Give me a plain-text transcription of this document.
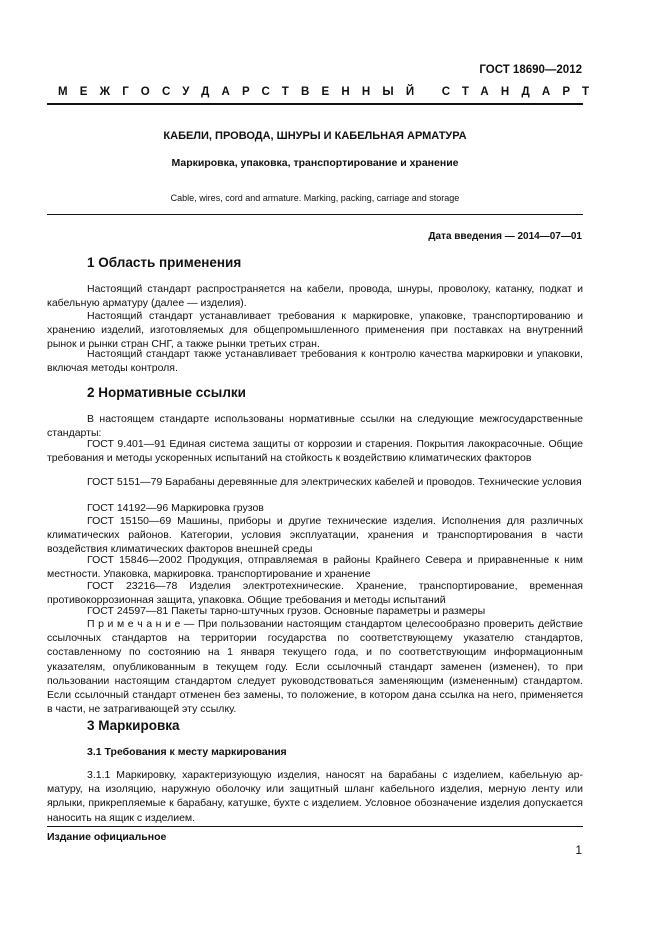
ГОСТ 18690—2012
МЕЖГОСУДАРСТВЕННЫЙ СТАНДАРТ
КАБЕЛИ, ПРОВОДА, ШНУРЫ И КАБЕЛЬНАЯ АРМАТУРА
Маркировка, упаковка, транспортирование и хранение
Cable, wires, cord and armature. Marking, packing, carriage and storage
Дата введения — 2014—07—01
1 Область применения

Настоящий стандарт распространяется на кабели, провода, шнуры, проволоку, катанку, подкат и кабельную арматуру (далее — изделия).

Настоящий стандарт устанавливает требования к маркировке, упаковке, транспортированию и хранению изделий, изготовляемых для общепромышленного применения при поставках на внутренний рынок и рынки стран СНГ, а также рынки третьих стран.

Настоящий стандарт также устанавливает требования к контролю качества маркировки и упаковки, включая методы контроля.

2 Нормативные ссылки

В настоящем стандарте использованы нормативные ссылки на следующие межгосударственные стандарты:

ГОСТ 9.401—91 Единая система защиты от коррозии и старения. Покрытия лакокрасочные. Общие требования и методы ускоренных испытаний на стойкость к воздействию климатических факторов

ГОСТ 5151—79 Барабаны деревянные для электрических кабелей и проводов. Технические условия

ГОСТ 14192—96 Маркировка грузов

ГОСТ 15150—69 Машины, приборы и другие технические изделия. Исполнения для различных климатических районов. Категории, условия эксплуатации, хранения и транспортирования в части воздействия климатических факторов внешней среды

ГОСТ 15846—2002 Продукция, отправляемая в районы Крайнего Севера и приравненные к ним местности. Упаковка, маркировка. транспортирование и хранение

ГОСТ 23216—78 Изделия электротехнические. Хранение, транспортирование, временная противокоррозионная защита, упаковка. Общие требования и методы испытаний

ГОСТ 24597—81 Пакеты тарно-штучных грузов. Основные параметры и размеры

П р и м е ч а н и е — При пользовании настоящим стандартом целесообразно проверить действие ссылочных стандартов на территории государства по соответствующему указателю стандартов, составленному по состоянию на 1 января текущего года, и по соответствующим информационным указателям, опубликованным в текущем году. Если ссылочный стандарт заменен (изменен), то при пользовании настоящим стандартом следует руководствоваться заменяющим (измененным) стандартом. Если ссылочный стандарт отменен без замены, то положение, в котором дана ссылка на него, применяется в части, не затрагивающей эту ссылку.

3 Маркировка
3.1 Требования к месту маркирования

3.1.1 Маркировку, характеризующую изделия, наносят на барабаны с изделием, кабельную арматуру, на изоляцию, наружную оболочку или защитный шланг кабельного изделия, мерную ленту или ярлыки, прикрепляемые к барабану, катушке, бухте с изделием. Условное обозначение изделия допускается наносить на ящик с изделием.

Издание официальное
1
